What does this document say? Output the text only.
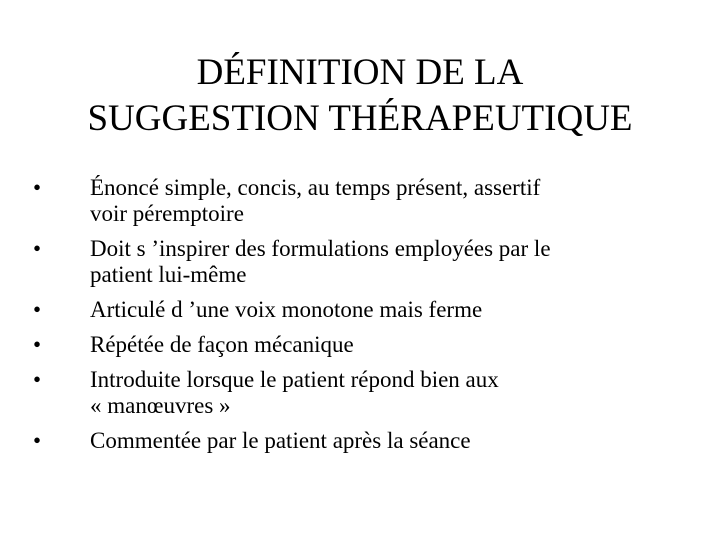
DÉFINITION DE LA
SUGGESTION THÉRAPEUTIQUE
• Énoncé simple, concis, au temps présent, assertif
voir péremptoire
• Doit s ’inspirer des formulations employées par le
patient lui-même
• Articulé d ’une voix monotone mais ferme
• Répétée de façon mécanique
• Introduite lorsque le patient répond bien aux
« manœuvres »
• Commentée par le patient après la séance
